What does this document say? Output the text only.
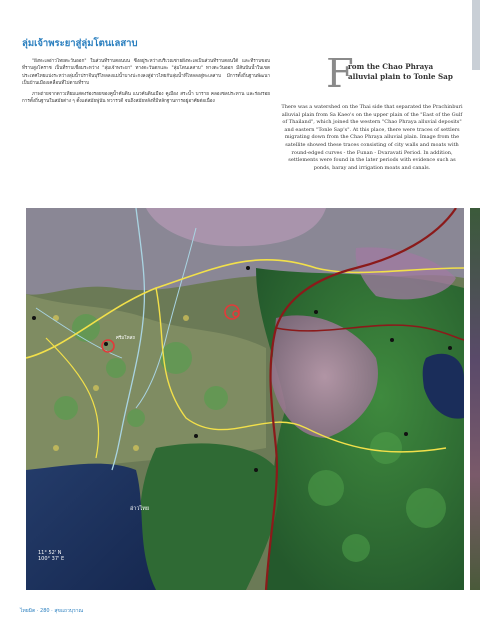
ลุ่มเจ้าพระยาสู่ลุ่มโตนเลสาบ

"ฝั่งทะเลอ่าวไทยตะวันออก" ในส่วนที่ราบตอนบน ซึ่งอยู่ระหว่างบริเวณชายฝั่งทะเลเป็นส่วนที่ราบตอนใต้ และที่ราบขอบที่ราบสูงโคราช เป็นที่ราบเชื่อมระหว่าง "ลุ่มเจ้าพระยา" ทางตะวันตกและ "ลุ่มโตนเลสาบ" ทางตะวันออก มีสันปันน้ำในเขตประเทศไทยแบ่งระหว่างลุ่มน้ำปราจีนบุรีไหลลงแม่น้ำบางปะกงลงสู่อ่าวไทยกับลุ่มน้ำที่ไหลลงสู่ทะเลสาบ มีการตั้งถิ่นฐานพัฒนาเป็นบ้านเมืองเคลื่อนที่ไปตามที่ราบ

ภาพถ่ายจากดาวเทียมแสดงร่องรอยของคูน้ำคันดิน แนวคันดินเมือง คูเมือง สระน้ำ บาราย คลองชลประทาน และร่องรอยการตั้งถิ่นฐานในสมัยต่าง ๆ ตั้งแต่สมัยฟูนัน ทวารวดี จนถึงสมัยหลังที่มีหลักฐานการอยู่อาศัยต่อเนื่อง

F
rom the Chao Phraya alluvial plain to Tonle Sap
There was a watershed on the Thai side that separated the Prachinburi alluvial plain from Sa Kaeo's on the upper plain of the "East of the Gulf of Thailand", which joined the western "Chao Phraya alluvial deposits" and eastern "Tonle Sap's". At this place, there were traces of settlers migrating down from the Chao Phraya alluvial plain. Image from the satellite showed these traces consisting of city walls and moats with round-edged curves - the Funan - Dvaravati Period. In addition, settlements were found in the later periods with evidence such as ponds, baray and irrigation moats and canals.
ศรีมโหสถ
อ่าวไทย
11° 52' N
100° 37' E
ไทยมิต · 280 · สุขแถวบุราณ
